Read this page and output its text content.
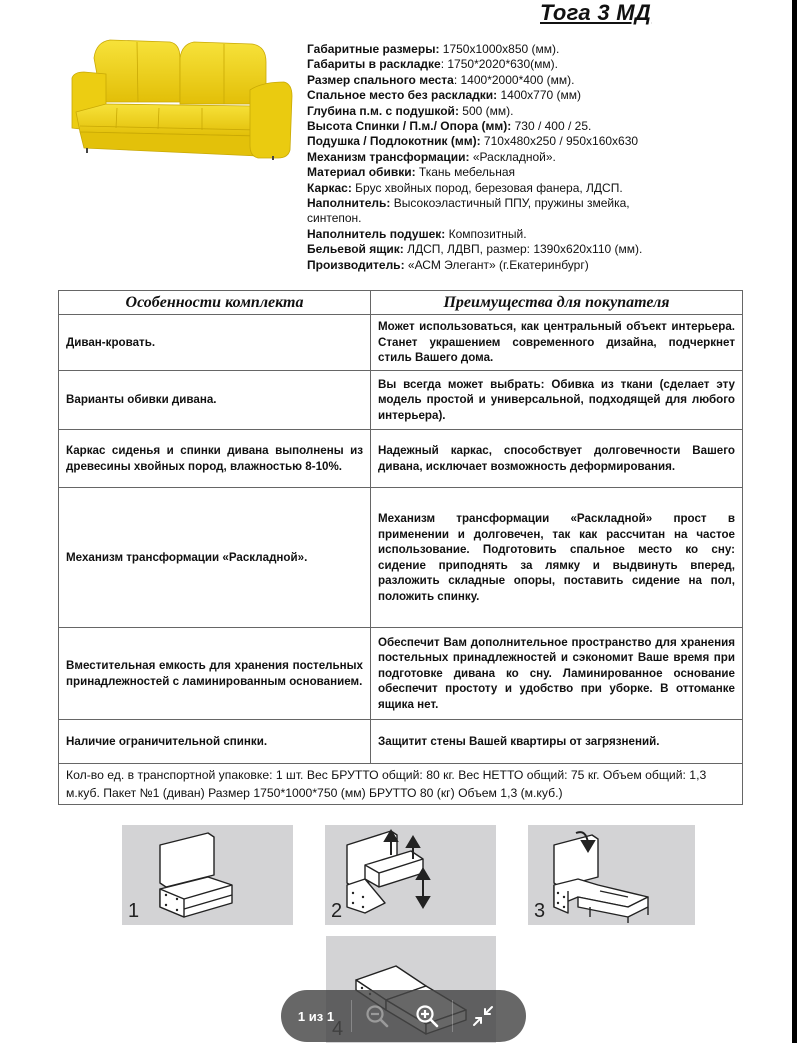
Тога 3 МД
Габаритные размеры: 1750x1000x850 (мм).
Габариты в раскладке: 1750*2020*630(мм).
Размер спального места: 1400*2000*400 (мм).
Спальное место без раскладки: 1400x770 (мм)
Глубина п.м. с подушкой: 500 (мм).
Высота Спинки / П.м./ Опора (мм): 730 / 400 / 25.
Подушка / Подлокотник (мм): 710x480x250 / 950x160x630
Механизм трансформации: «Раскладной».
Материал обивки: Ткань мебельная
Каркас: Брус хвойных пород, березовая фанера, ЛДСП.
Наполнитель: Высокоэластичный ППУ, пружины змейка, синтепон.
Наполнитель подушек: Композитный.
Бельевой ящик: ЛДСП, ЛДВП, размер: 1390x620x110 (мм).
Производитель: «АСМ Элегант» (г.Екатеринбург)
Особенности комплекта	Преимущества для покупателя
Диван-кровать.	Может использоваться, как центральный объект интерьера. Станет украшением современного дизайна, подчеркнет стиль Вашего дома.
Варианты обивки дивана.	Вы всегда может выбрать: Обивка из ткани (сделает эту модель простой и универсальной, подходящей для любого интерьера).
Каркас сиденья и спинки дивана выполнены из древесины хвойных пород, влажностью 8-10%.	Надежный каркас, способствует долговечности Вашего дивана, исключает возможность деформирования.
Механизм трансформации «Раскладной».	Механизм трансформации «Раскладной» прост в применении и долговечен, так как рассчитан на частое использование. Подготовить спальное место ко сну: сидение приподнять за лямку и выдвинуть вперед, разложить складные опоры, поставить сидение на пол, положить спинку.
Вместительная емкость для хранения постельных принадлежностей с ламинированным основанием.	Обеспечит Вам дополнительное пространство для хранения постельных принадлежностей и сэкономит Ваше время при подготовке дивана ко сну. Ламинированное основание обеспечит простоту и удобство при уборке. В оттоманке ящика нет.
Наличие ограничительной спинки.	Защитит стены Вашей квартиры от загрязнений.
Кол-во ед. в транспортной упаковке: 1 шт. Вес БРУТТО общий: 80 кг. Вес НЕТТО общий: 75 кг. Объем общий: 1,3 м.куб. Пакет №1 (диван) Размер 1750*1000*750 (мм) БРУТТО 80 (кг) Объем 1,3 (м.куб.)	
1	2	3
1 из 1
